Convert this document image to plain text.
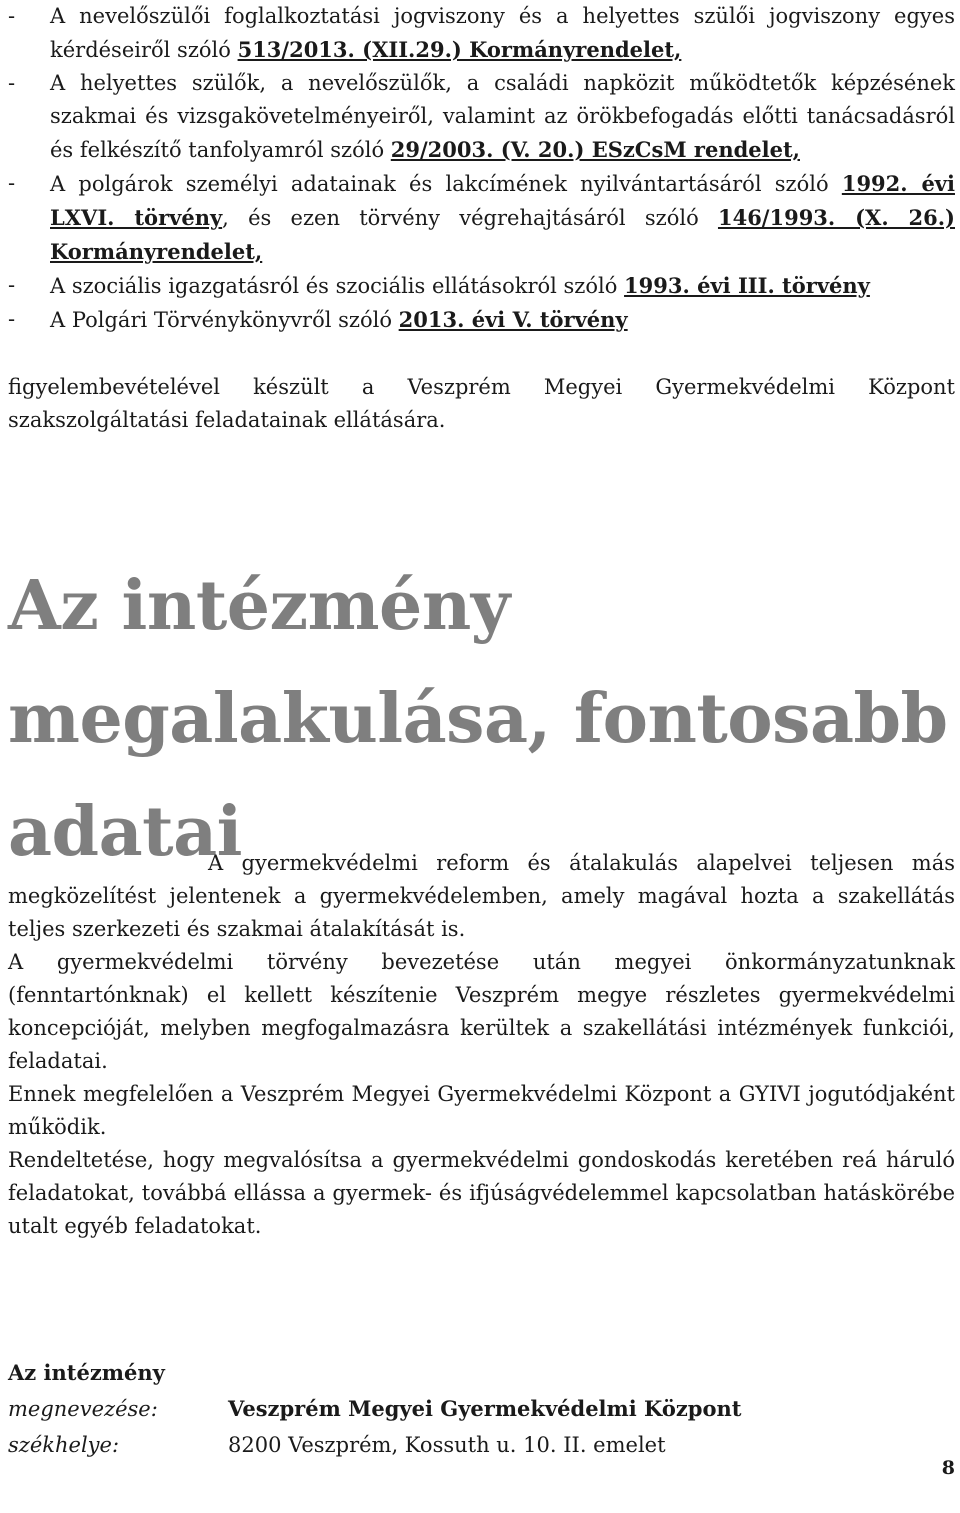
- A nevelőszülői foglalkoztatási jogviszony és a helyettes szülői jogviszony egyes kérdéseiről szóló 513/2013. (XII.29.) Kormányrendelet,
- A helyettes szülők, a nevelőszülők, a családi napközit működtetők képzésének szakmai és vizsgakövetelményeiről, valamint az örökbefogadás előtti tanácsadásról és felkészítő tanfolyamról szóló 29/2003. (V. 20.) ESzCsM rendelet,
- A polgárok személyi adatainak és lakcímének nyilvántartásáról szóló 1992. évi LXVI. törvény, és ezen törvény végrehajtásáról szóló 146/1993. (X. 26.) Kormányrendelet,
- A szociális igazgatásról és szociális ellátásokról szóló 1993. évi III. törvény
- A Polgári Törvénykönyvről szóló 2013. évi V. törvény

figyelembevételével készült a Veszprém Megyei Gyermekvédelmi Központ szakszolgáltatási feladatainak ellátására.

Az intézmény megalakulása, fontosabb adatai

A gyermekvédelmi reform és átalakulás alapelvei teljesen más megközelítést jelentenek a gyermekvédelemben, amely magával hozta a szakellátás teljes szerkezeti és szakmai átalakítását is.

A gyermekvédelmi törvény bevezetése után megyei önkormányzatunknak (fenntartónknak) el kellett készítenie Veszprém megye részletes gyermekvédelmi koncepcióját, melyben megfogalmazásra kerültek a szakellátási intézmények funkciói, feladatai.

Ennek megfelelően a Veszprém Megyei Gyermekvédelmi Központ a GYIVI jogutódjaként működik.

Rendeltetése, hogy megvalósítsa a gyermekvédelmi gondoskodás keretében reá háruló feladatokat, továbbá ellássa a gyermek- és ifjúságvédelemmel kapcsolatban hatáskörébe utalt egyéb feladatokat.

Az intézmény
megnevezése:	Veszprém Megyei Gyermekvédelmi Központ
székhelye:	8200 Veszprém, Kossuth u. 10. II. emelet
8
